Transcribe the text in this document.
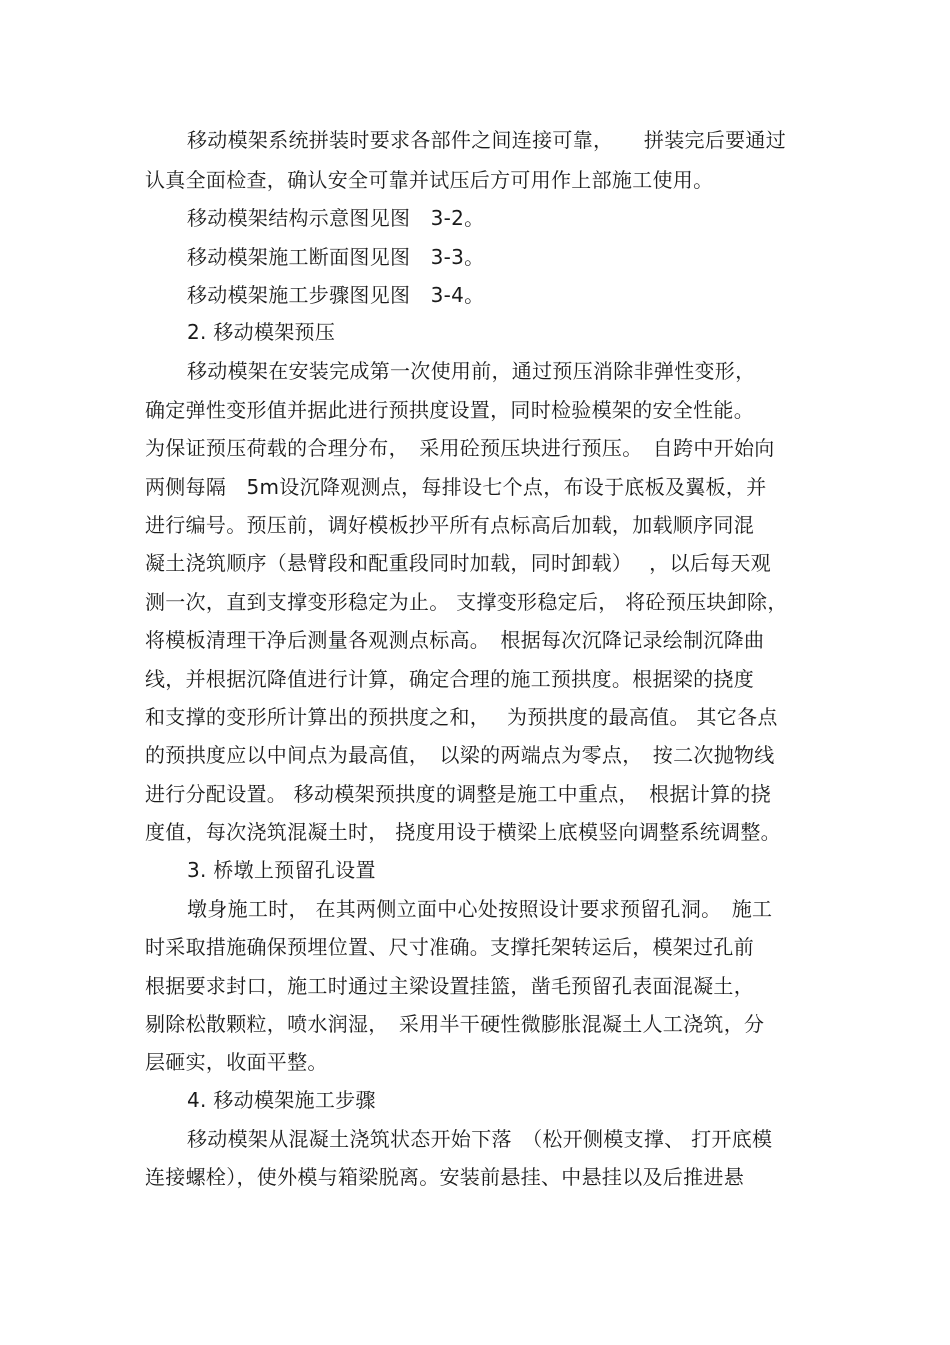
移动模架系统拼装时要求各部件之间连接可靠，　　拼装完后要通过
认真全面检查，确认安全可靠并试压后方可用作上部施工使用。
移动模架结构示意图见图　3-2。
移动模架施工断面图见图　3-3。
移动模架施工步骤图见图　3-4。
2. 移动模架预压
移动模架在安装完成第一次使用前，通过预压消除非弹性变形，
确定弹性变形值并据此进行预拱度设置，同时检验模架的安全性能。
为保证预压荷载的合理分布，　采用砼预压块进行预压。　自跨中开始向
两侧每隔　5m设沉降观测点，每排设七个点，布设于底板及翼板，并
进行编号。预压前，调好模板抄平所有点标高后加载，加载顺序同混
凝土浇筑顺序（悬臂段和配重段同时加载，同时卸载）　 ，以后每天观
测一次，直到支撑变形稳定为止。 支撑变形稳定后， 将砼预压块卸除，
将模板清理干净后测量各观测点标高。　根据每次沉降记录绘制沉降曲
线，并根据沉降值进行计算，确定合理的施工预拱度。根据梁的挠度
和支撑的变形所计算出的预拱度之和，　 为预拱度的最高值。 其它各点
的预拱度应以中间点为最高值，　以梁的两端点为零点，　按二次抛物线
进行分配设置。 移动模架预拱度的调整是施工中重点，　根据计算的挠
度值，每次浇筑混凝土时， 挠度用设于横梁上底模竖向调整系统调整。
3. 桥墩上预留孔设置
墩身施工时， 在其两侧立面中心处按照设计要求预留孔洞。　施工
时采取措施确保预埋位置、尺寸准确。支撑托架转运后，模架过孔前
根据要求封口，施工时通过主梁设置挂篮，凿毛预留孔表面混凝土，
剔除松散颗粒，喷水润湿，　采用半干硬性微膨胀混凝土人工浇筑，分
层砸实，收面平整。
4. 移动模架施工步骤
移动模架从混凝土浇筑状态开始下落　（松开侧模支撑、 打开底模
连接螺栓），使外模与箱梁脱离。安装前悬挂、中悬挂以及后推进悬
